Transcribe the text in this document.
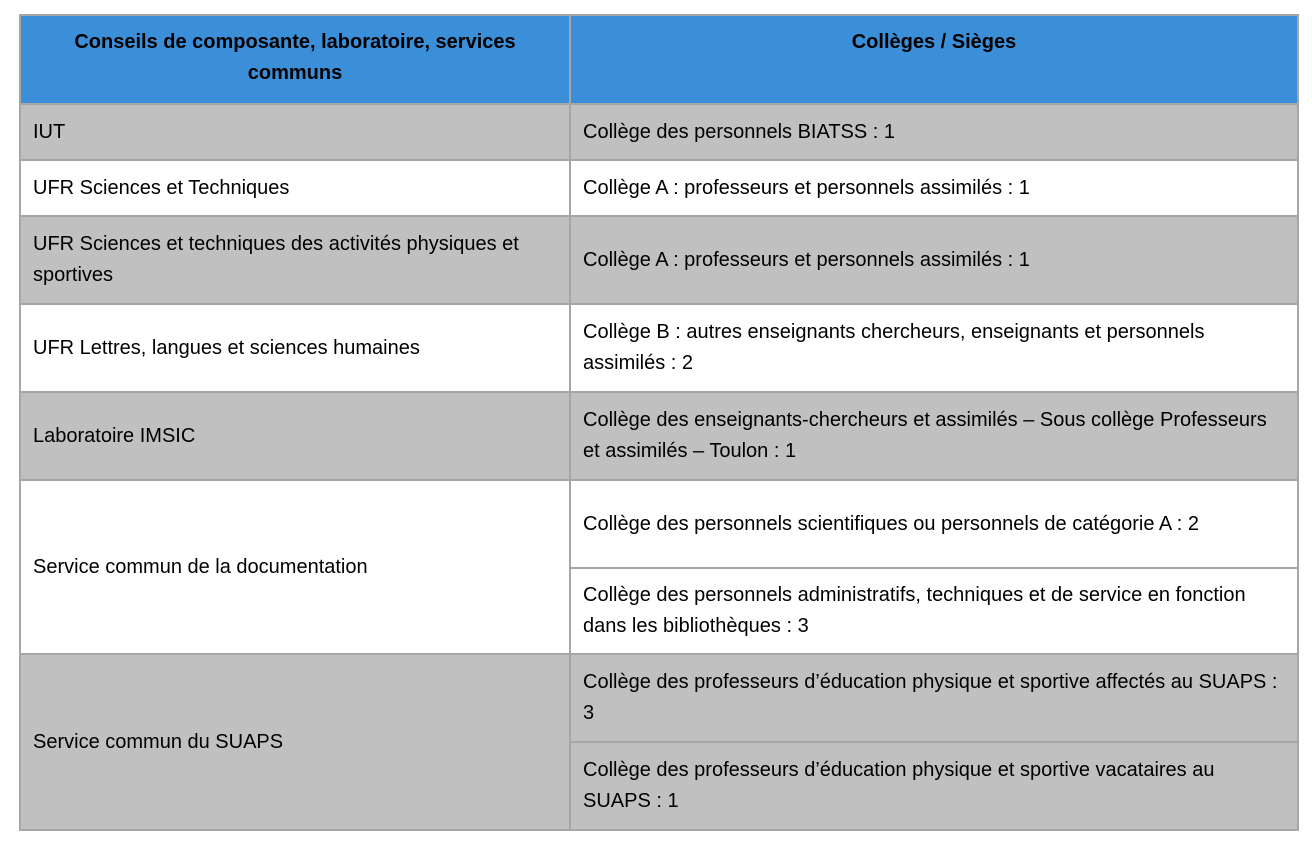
Conseils de composante, laboratoire, services communs	Collèges / Sièges
IUT	Collège des personnels BIATSS : 1
UFR Sciences et Techniques	Collège A : professeurs et personnels assimilés : 1
UFR Sciences et techniques des activités physiques et sportives	Collège A : professeurs et personnels assimilés : 1
UFR Lettres, langues et sciences humaines	Collège B : autres enseignants chercheurs, enseignants et personnels assimilés : 2
Laboratoire IMSIC	Collège des enseignants-chercheurs et assimilés – Sous collège Professeurs et assimilés – Toulon : 1
Service commun de la documentation	Collège des personnels scientifiques ou personnels de catégorie A : 2
	Collège des personnels administratifs, techniques et de service en fonction dans les bibliothèques : 3
Service commun du SUAPS	Collège des professeurs d’éducation physique et sportive affectés au SUAPS : 3
	Collège des professeurs d’éducation physique et sportive vacataires au SUAPS : 1
